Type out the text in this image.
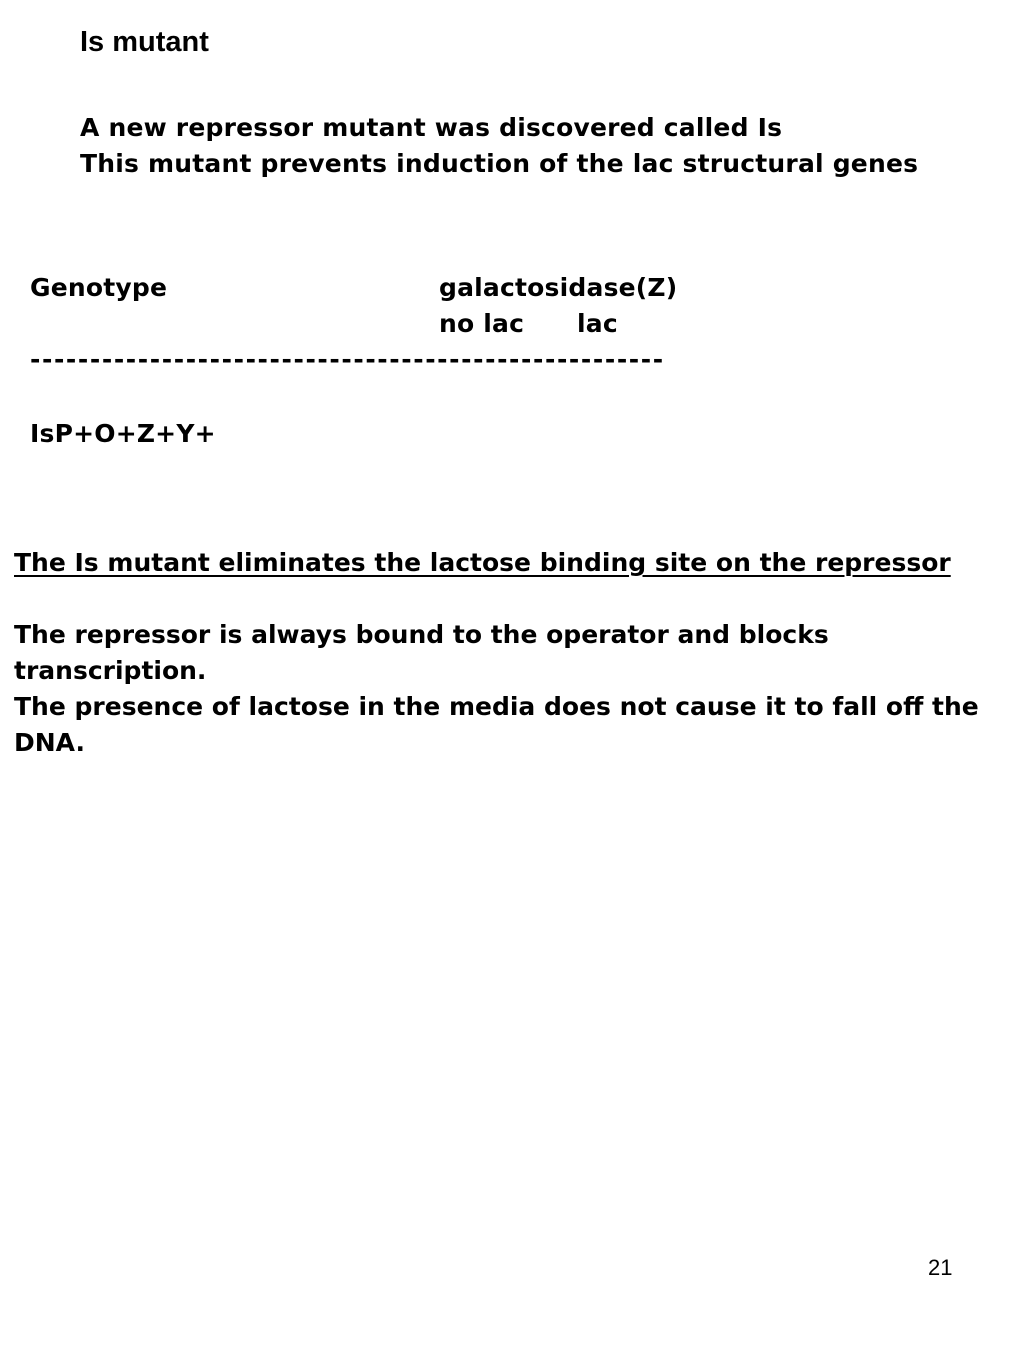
Is mutant
A new repressor mutant was discovered called Is
This mutant prevents induction of the lac structural genes
Genotype	galactosidase(Z)
no lac lac
-----------------------------------------------------
IsP+O+Z+Y+
The Is mutant eliminates the lactose binding site on the repressor

The repressor is always bound to the operator and blocks transcription.

The presence of lactose in the media does not cause it to fall off the DNA.

21
